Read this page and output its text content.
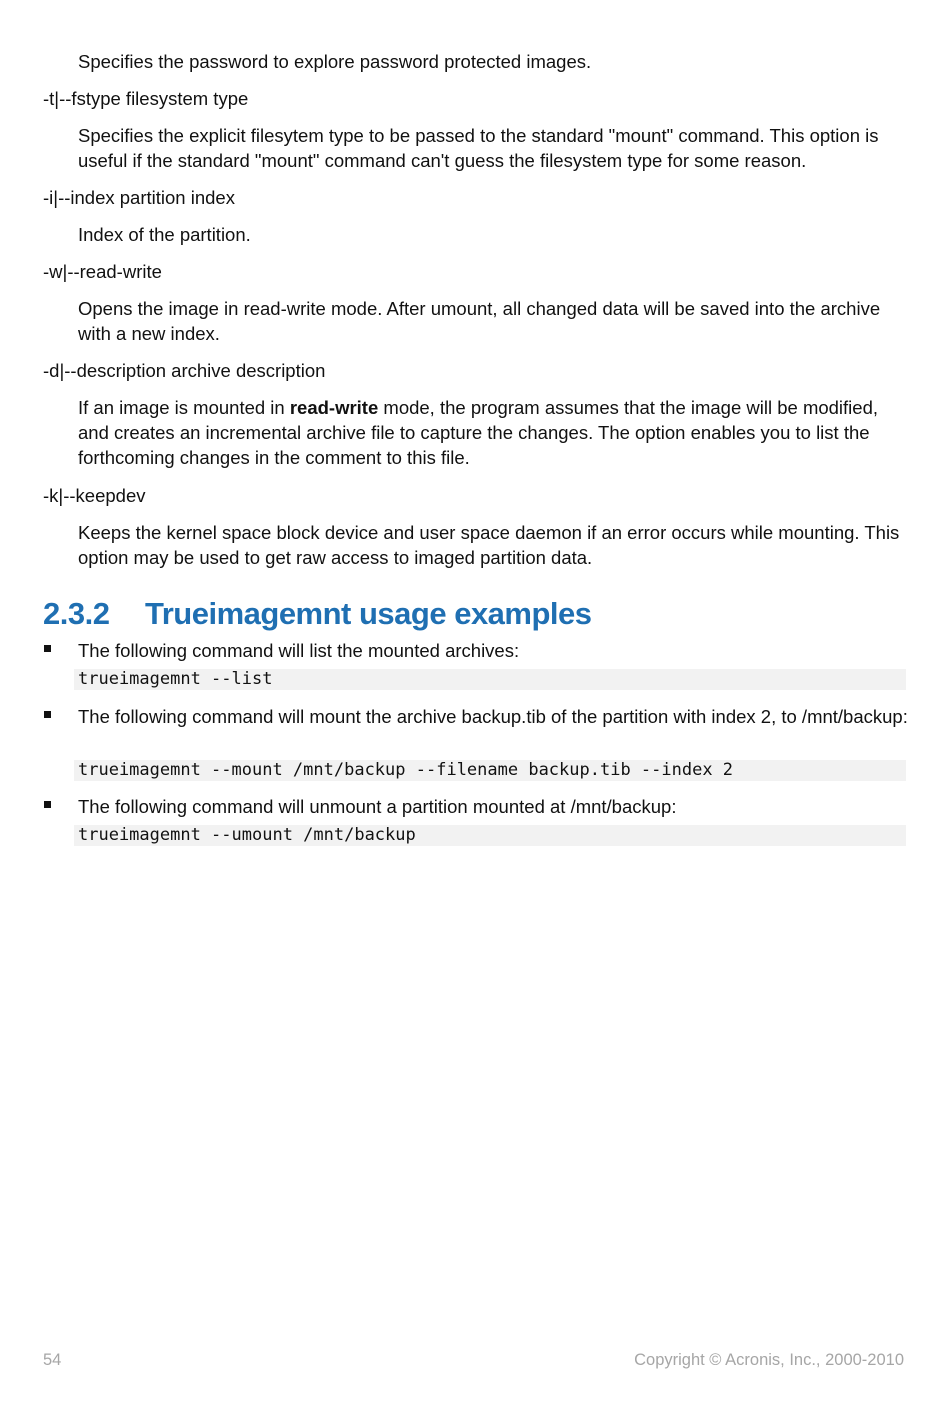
Specifies the password to explore password protected images.

-t|--fstype filesystem type

Specifies the explicit filesytem type to be passed to the standard "mount" command. This option is useful if the standard "mount" command can't guess the filesystem type for some reason.

-i|--index partition index

Index of the partition.

-w|--read-write

Opens the image in read-write mode. After umount, all changed data will be saved into the archive with a new index.

-d|--description archive description

If an image is mounted in read-write mode, the program assumes that the image will be modified, and creates an incremental archive file to capture the changes. The option enables you to list the forthcoming changes in the comment to this file.

-k|--keepdev

Keeps the kernel space block device and user space daemon if an error occurs while mounting. This option may be used to get raw access to imaged partition data.

2.3.2 Trueimagemnt usage examples

The following command will list the mounted archives:

trueimagemnt --list

The following command will mount the archive backup.tib of the partition with index 2, to /mnt/backup:

trueimagemnt --mount /mnt/backup --filename backup.tib --index 2

The following command will unmount a partition mounted at /mnt/backup:

trueimagemnt --umount /mnt/backup
54	Copyright © Acronis, Inc., 2000-2010
